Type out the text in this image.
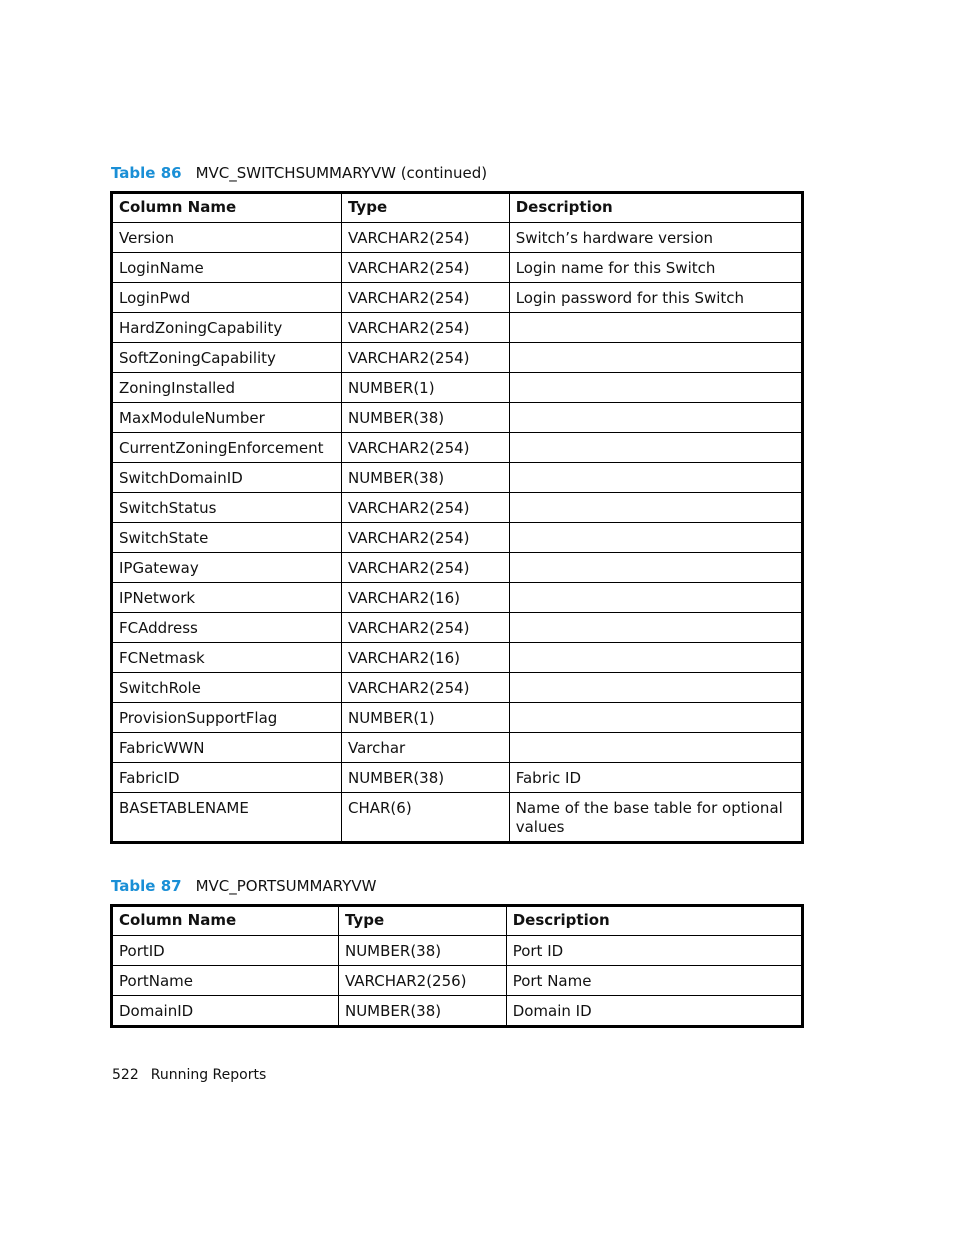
Table 86 MVC_SWITCHSUMMARYVW (continued)
Column Name	Type	Description
Version	VARCHAR2(254)	Switch’s hardware version
LoginName	VARCHAR2(254)	Login name for this Switch
LoginPwd	VARCHAR2(254)	Login password for this Switch
HardZoningCapability	VARCHAR2(254)	
SoftZoningCapability	VARCHAR2(254)	
ZoningInstalled	NUMBER(1)	
MaxModuleNumber	NUMBER(38)	
CurrentZoningEnforcement	VARCHAR2(254)	
SwitchDomainID	NUMBER(38)	
SwitchStatus	VARCHAR2(254)	
SwitchState	VARCHAR2(254)	
IPGateway	VARCHAR2(254)	
IPNetwork	VARCHAR2(16)	
FCAddress	VARCHAR2(254)	
FCNetmask	VARCHAR2(16)	
SwitchRole	VARCHAR2(254)	
ProvisionSupportFlag	NUMBER(1)	
FabricWWN	Varchar	
FabricID	NUMBER(38)	Fabric ID
BASETABLENAME	CHAR(6)	Name of the base table for optional values
Table 87 MVC_PORTSUMMARYVW
Column Name	Type	Description
PortID	NUMBER(38)	Port ID
PortName	VARCHAR2(256)	Port Name
DomainID	NUMBER(38)	Domain ID
522 Running Reports
